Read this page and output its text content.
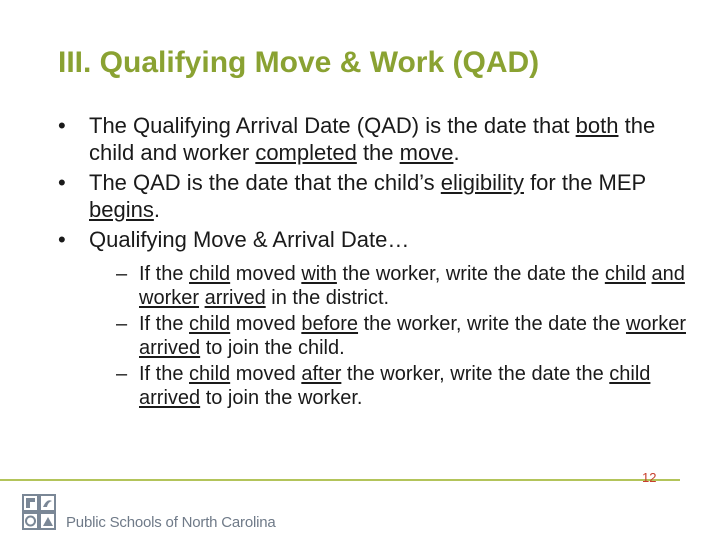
III. Qualifying Move & Work (QAD)
•	The Qualifying Arrival Date (QAD) is the date that both the child and worker completed the move.
•	The QAD is the date that the child’s eligibility for the MEP begins.
•	Qualifying Move & Arrival Date…
– If the child moved with the worker, write the date the child and worker arrived in the district.
– If the child moved before the worker, write the date the worker arrived to join the child.
– If the child moved after the worker, write the date the child arrived to join the worker.
12
Public Schools of North Carolina
